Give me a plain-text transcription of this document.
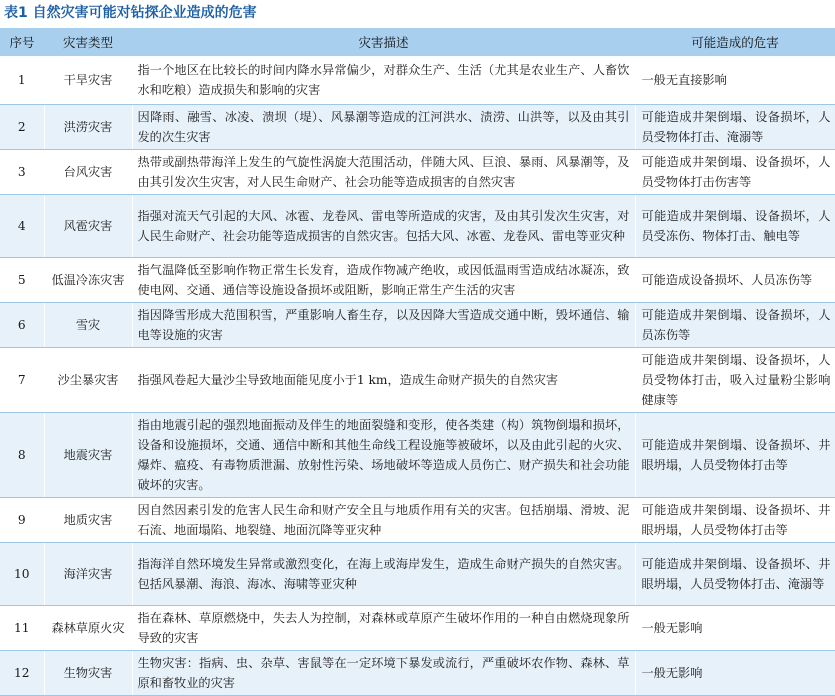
表1 自然灾害可能对钻探企业造成的危害
序号	灾害类型	灾害描述	可能造成的危害
1	干旱灾害	指一个地区在比较长的时间内降水异常偏少，对群众生产、生活（尤其是农业生产、人畜饮水和吃粮）造成损失和影响的灾害	一般无直接影响
2	洪涝灾害	因降雨、融雪、冰凌、溃坝（堤）、风暴潮等造成的江河洪水、渍涝、山洪等，以及由其引发的次生灾害	可能造成井架倒塌、设备损坏，人员受物体打击、淹溺等
3	台风灾害	热带或副热带海洋上发生的气旋性涡旋大范围活动，伴随大风、巨浪、暴雨、风暴潮等，及由其引发次生灾害，对人民生命财产、社会功能等造成损害的自然灾害	可能造成井架倒塌、设备损坏，人员受物体打击伤害等
4	风雹灾害	指强对流天气引起的大风、冰雹、龙卷风、雷电等所造成的灾害，及由其引发次生灾害，对人民生命财产、社会功能等造成损害的自然灾害。包括大风、冰雹、龙卷风、雷电等亚灾种	可能造成井架倒塌、设备损坏，人员受冻伤、物体打击、触电等
5	低温冷冻灾害	指气温降低至影响作物正常生长发育，造成作物减产绝收，或因低温雨雪造成结冰凝冻，致使电网、交通、通信等设施设备损坏或阻断，影响正常生产生活的灾害	可能造成设备损坏、人员冻伤等
6	雪灾	指因降雪形成大范围积雪，严重影响人畜生存，以及因降大雪造成交通中断，毁坏通信、输电等设施的灾害	可能造成井架倒塌、设备损坏，人员冻伤等
7	沙尘暴灾害	指强风卷起大量沙尘导致地面能见度小于1 km，造成生命财产损失的自然灾害	可能造成井架倒塌、设备损坏，人员受物体打击，吸入过量粉尘影响健康等
8	地震灾害	指由地震引起的强烈地面振动及伴生的地面裂缝和变形，使各类建（构）筑物倒塌和损坏，设备和设施损坏，交通、通信中断和其他生命线工程设施等被破坏，以及由此引起的火灾、爆炸、瘟疫、有毒物质泄漏、放射性污染、场地破坏等造成人员伤亡、财产损失和社会功能破坏的灾害。	可能造成井架倒塌、设备损坏、井眼坍塌，人员受物体打击等
9	地质灾害	因自然因素引发的危害人民生命和财产安全且与地质作用有关的灾害。包括崩塌、滑坡、泥石流、地面塌陷、地裂缝、地面沉降等亚灾种	可能造成井架倒塌、设备损坏、井眼坍塌，人员受物体打击等
10	海洋灾害	指海洋自然环境发生异常或激烈变化，在海上或海岸发生，造成生命财产损失的自然灾害。包括风暴潮、海浪、海冰、海啸等亚灾种	可能造成井架倒塌、设备损坏、井眼坍塌，人员受物体打击、淹溺等
11	森林草原火灾	指在森林、草原燃烧中，失去人为控制，对森林或草原产生破坏作用的一种自由燃烧现象所导致的灾害	一般无影响
12	生物灾害	生物灾害：指病、虫、杂草、害鼠等在一定环境下暴发或流行，严重破坏农作物、森林、草原和畜牧业的灾害	一般无影响
